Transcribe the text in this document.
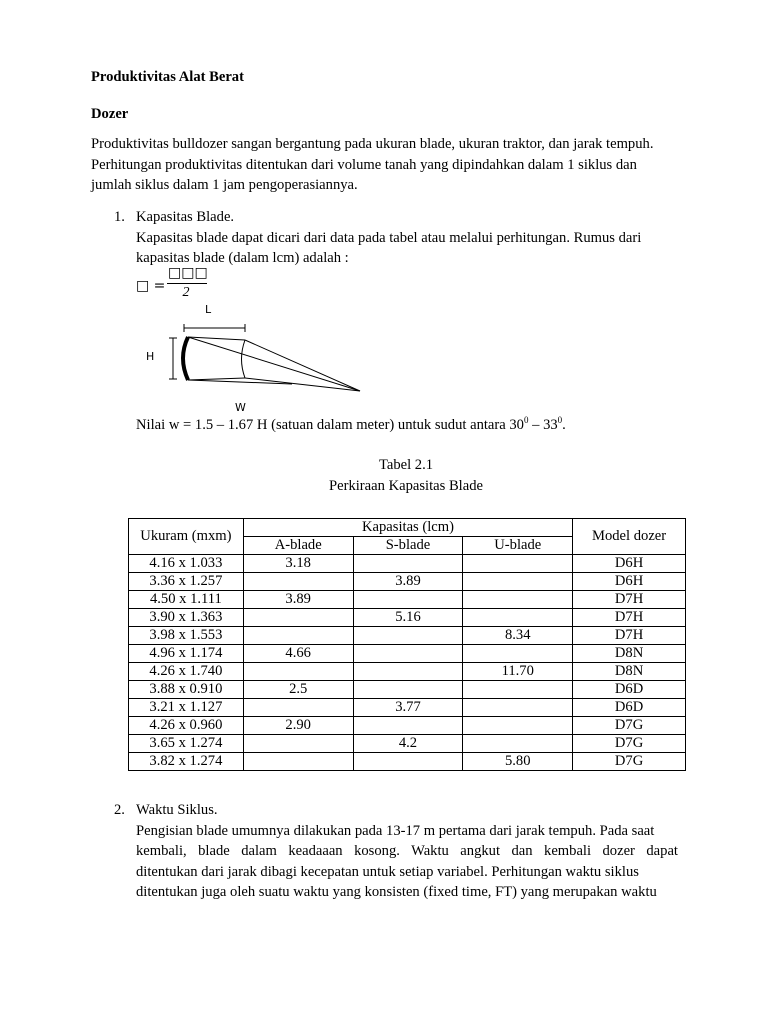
Produktivitas Alat Berat
Dozer
Produktivitas bulldozer sangan bergantung pada ukuran blade, ukuran traktor, dan jarak tempuh.
Perhitungan produktivitas ditentukan dari volume tanah yang dipindahkan dalam 1 siklus dan
jumlah siklus dalam 1 jam pengoperasiannya.
1. Kapasitas Blade.
Kapasitas blade dapat dicari dari data pada tabel atau melalui perhitungan. Rumus dari
kapasitas blade (dalam lcm) adalah :
□ =
□□□
2
L
H
W
Nilai w = 1.5 – 1.67 H (satuan dalam meter) untuk sudut antara $30^0 - 33^0$.
Tabel 2.1
Perkiraan Kapasitas Blade
Ukuram (mxm)	Kapasitas (lcm)			Model dozer
	A-blade	S-blade	U-blade	
4.16 x 1.033	3.18			D6H
3.36 x 1.257		3.89		D6H
4.50 x 1.111	3.89			D7H
3.90 x 1.363		5.16		D7H
3.98 x 1.553			8.34	D7H
4.96 x 1.174	4.66			D8N
4.26 x 1.740			11.70	D8N
3.88 x 0.910	2.5			D6D
3.21 x 1.127		3.77		D6D
4.26 x 0.960	2.90			D7G
3.65 x 1.274		4.2		D7G
3.82 x 1.274			5.80	D7G
2. Waktu Siklus.
Pengisian blade umumnya dilakukan pada 13-17 m pertama dari jarak tempuh. Pada saat
kembali, blade dalam keadaaan kosong. Waktu angkut dan kembali dozer dapat
ditentukan dari jarak dibagi kecepatan untuk setiap variabel. Perhitungan waktu siklus
ditentukan juga oleh suatu waktu yang konsisten (fixed time, FT) yang merupakan waktu
